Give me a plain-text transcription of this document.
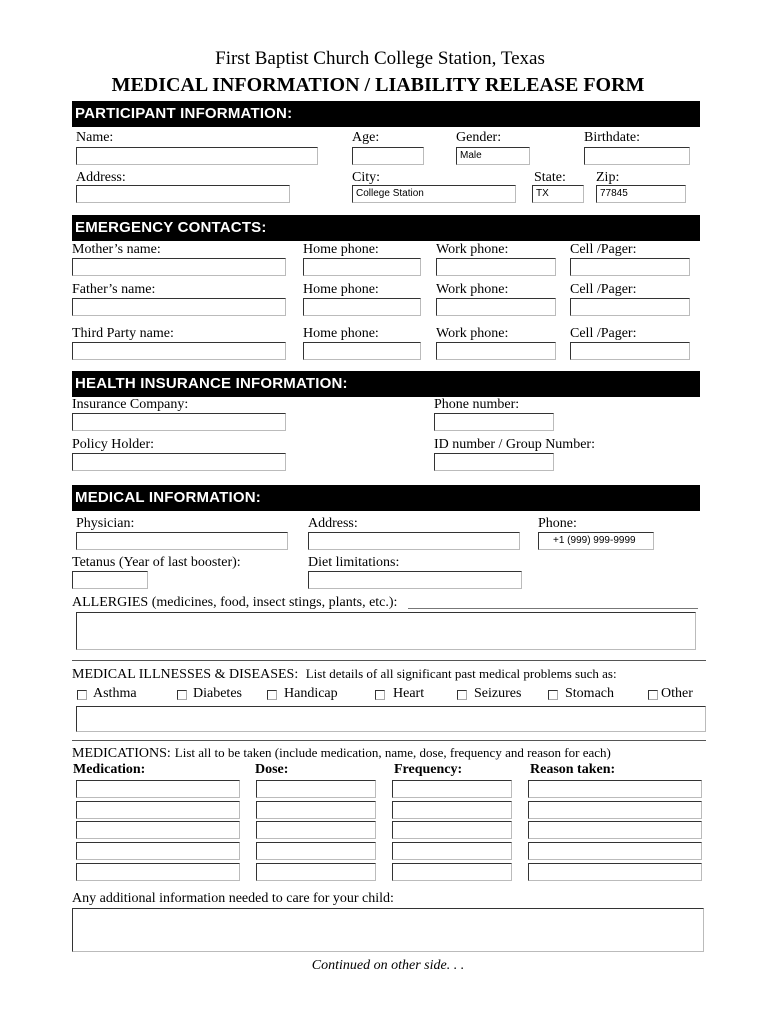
First Baptist Church College Station, Texas
MEDICAL INFORMATION / LIABILITY RELEASE FORM
PARTICIPANT INFORMATION:
Name:	Age:	Gender:
Male
Birthdate:
Address:	City:
College Station
State:
TX
Zip:
77845
EMERGENCY CONTACTS:
Mother’s name:	Home phone:	Work phone:	Cell /Pager:
Father’s name:	Home phone:	Work phone:	Cell /Pager:
Third Party name:	Home phone:	Work phone:	Cell /Pager:
HEALTH INSURANCE INFORMATION:
Insurance Company:	Phone number:
Policy Holder:	ID number / Group Number:
MEDICAL INFORMATION:
Physician:	Address:	Phone:
+1 (999) 999-9999
Tetanus (Year of last booster):	Diet limitations:
ALLERGIES (medicines, food, insect stings, plants, etc.):
MEDICAL ILLNESSES & DISEASES: List details of all significant past medical problems such as:
Asthma	Diabetes	Handicap	Heart	Seizures	Stomach	Other
MEDICATIONS: List all to be taken (include medication, name, dose, frequency and reason for each)
Medication:	Dose:	Frequency:	Reason taken:
Any additional information needed to care for your child:
Continued on other side. . .
